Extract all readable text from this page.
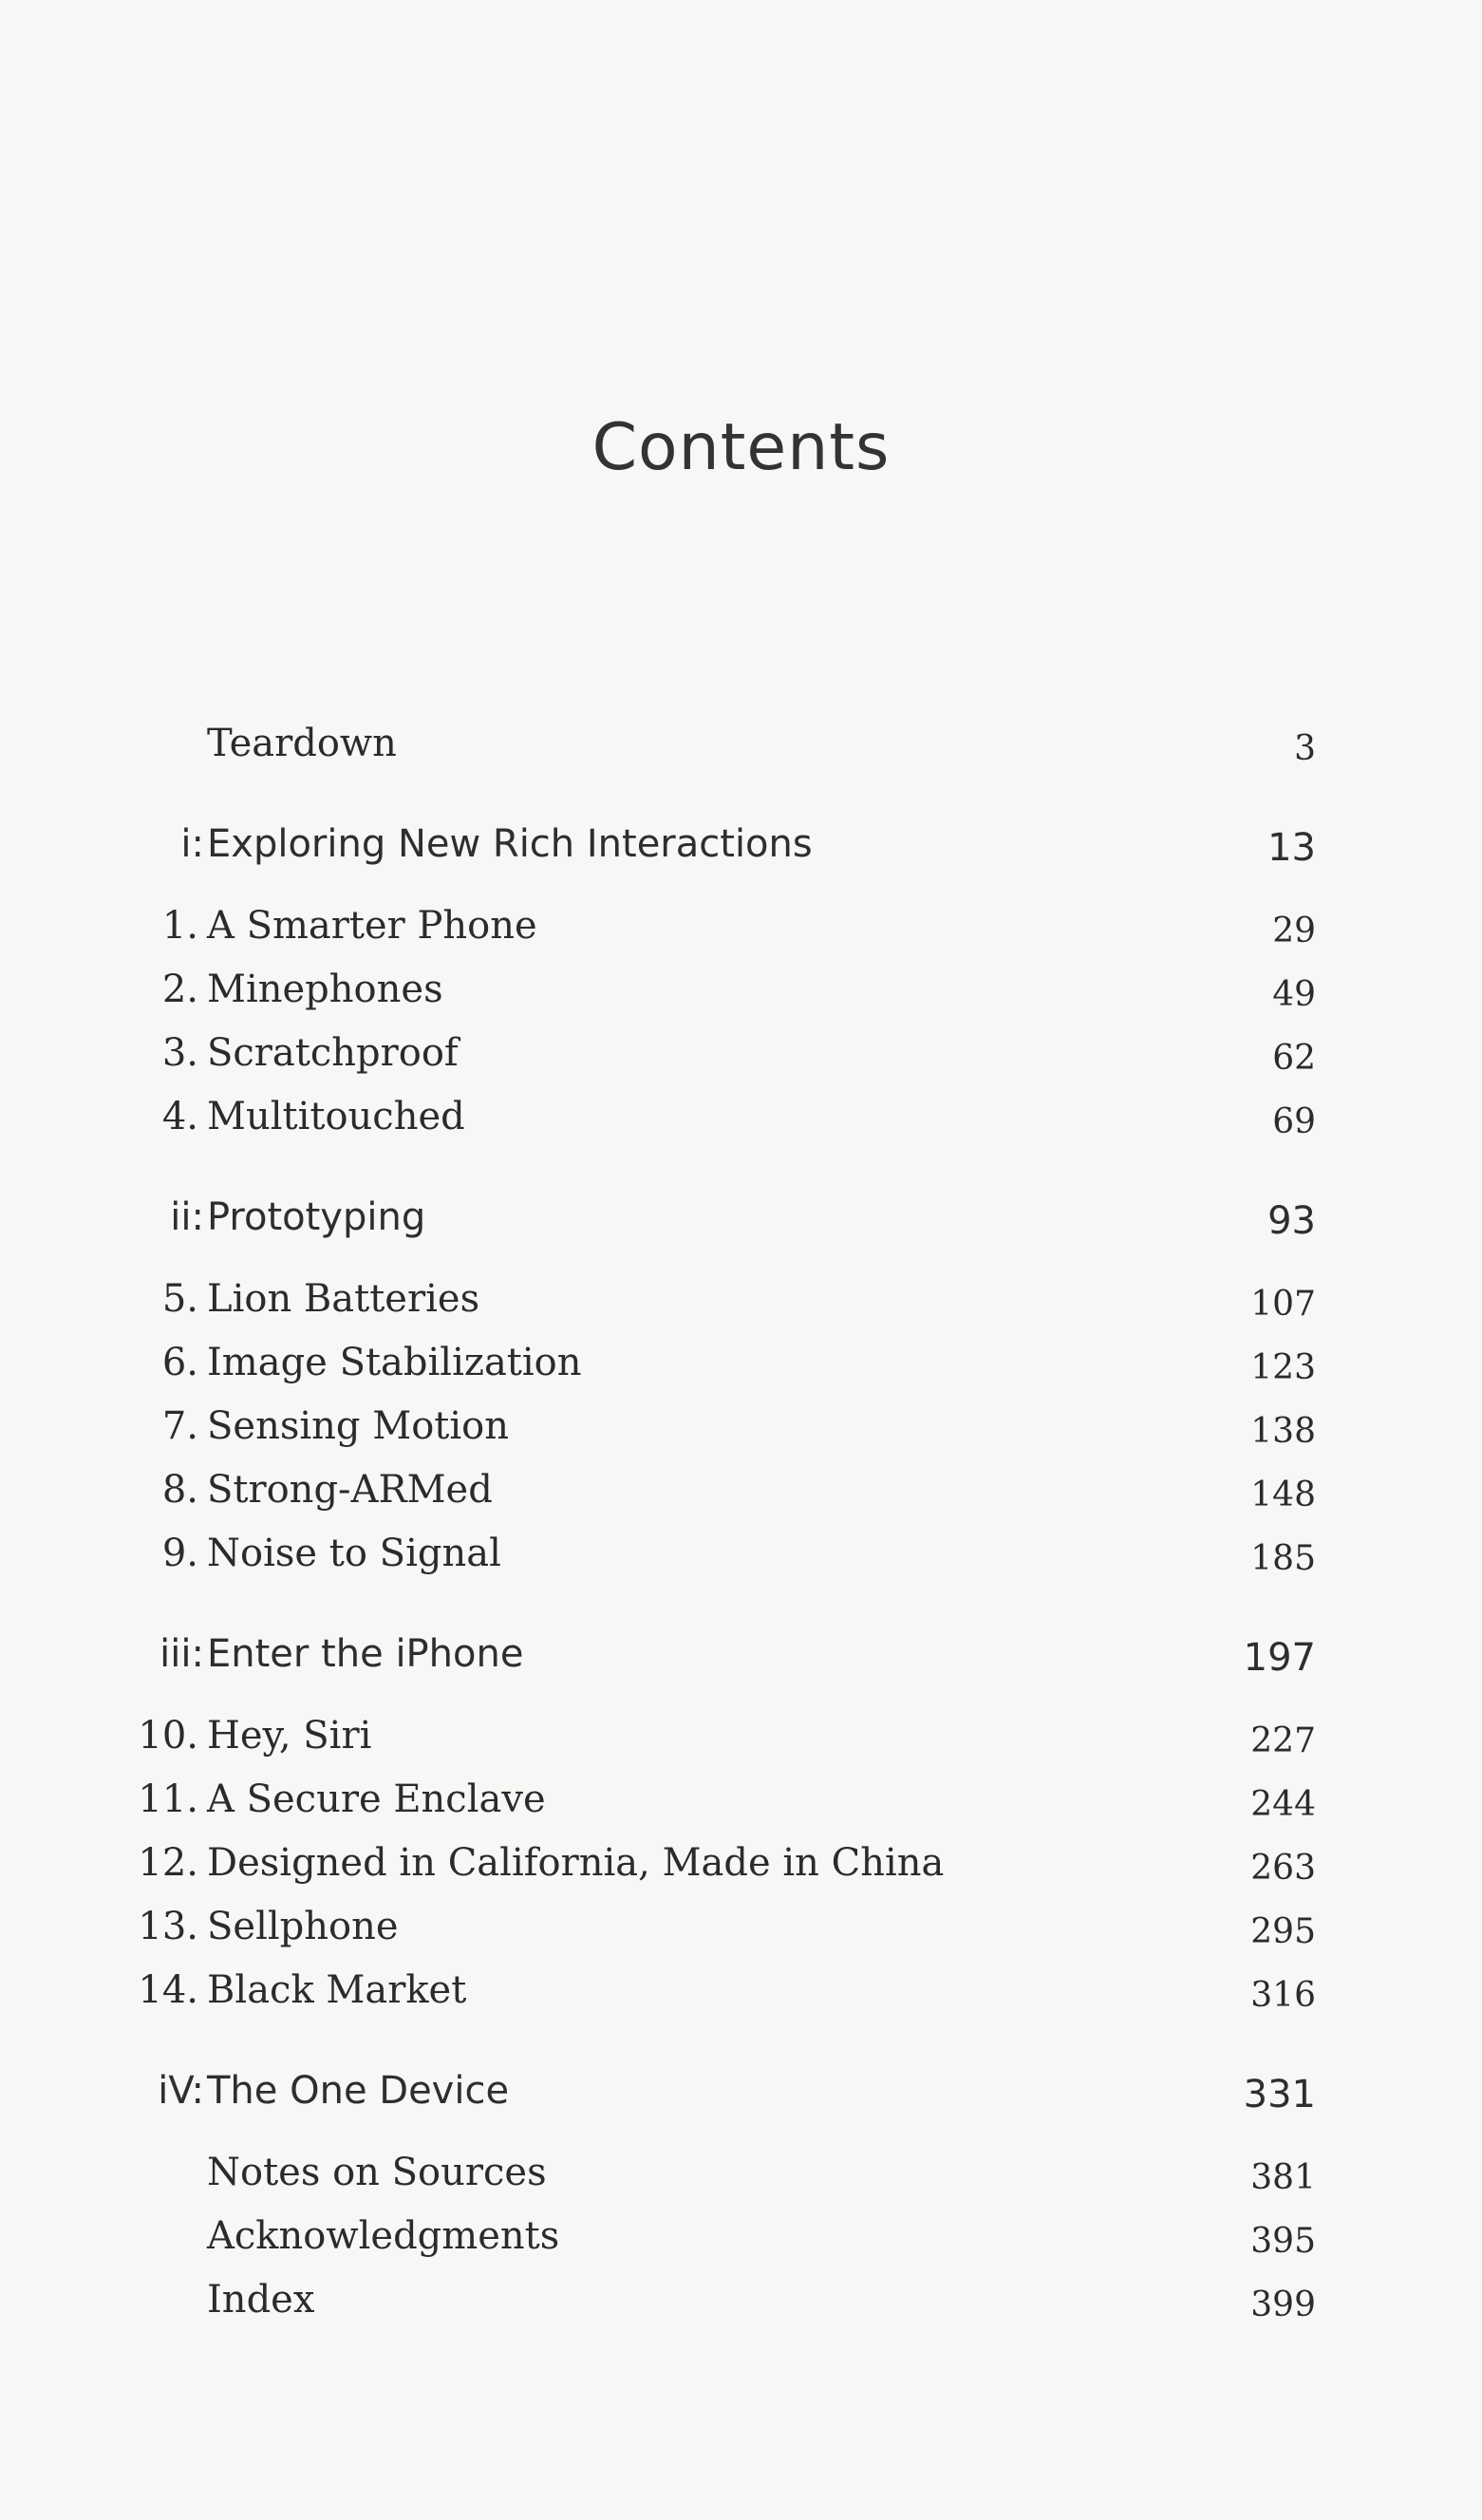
Contents
Teardown	3
i: Exploring New Rich Interactions	13
1. A Smarter Phone	29
2. Minephones	49
3. Scratchproof	62
4. Multitouched	69
ii: Prototyping	93
5. Lion Batteries	107
6. Image Stabilization	123
7. Sensing Motion	138
8. Strong-ARMed	148
9. Noise to Signal	185
iii: Enter the iPhone	197
10. Hey, Siri	227
11. A Secure Enclave	244
12. Designed in California, Made in China	263
13. Sellphone	295
14. Black Market	316
iV: The One Device	331
Notes on Sources	381
Acknowledgments	395
Index	399
